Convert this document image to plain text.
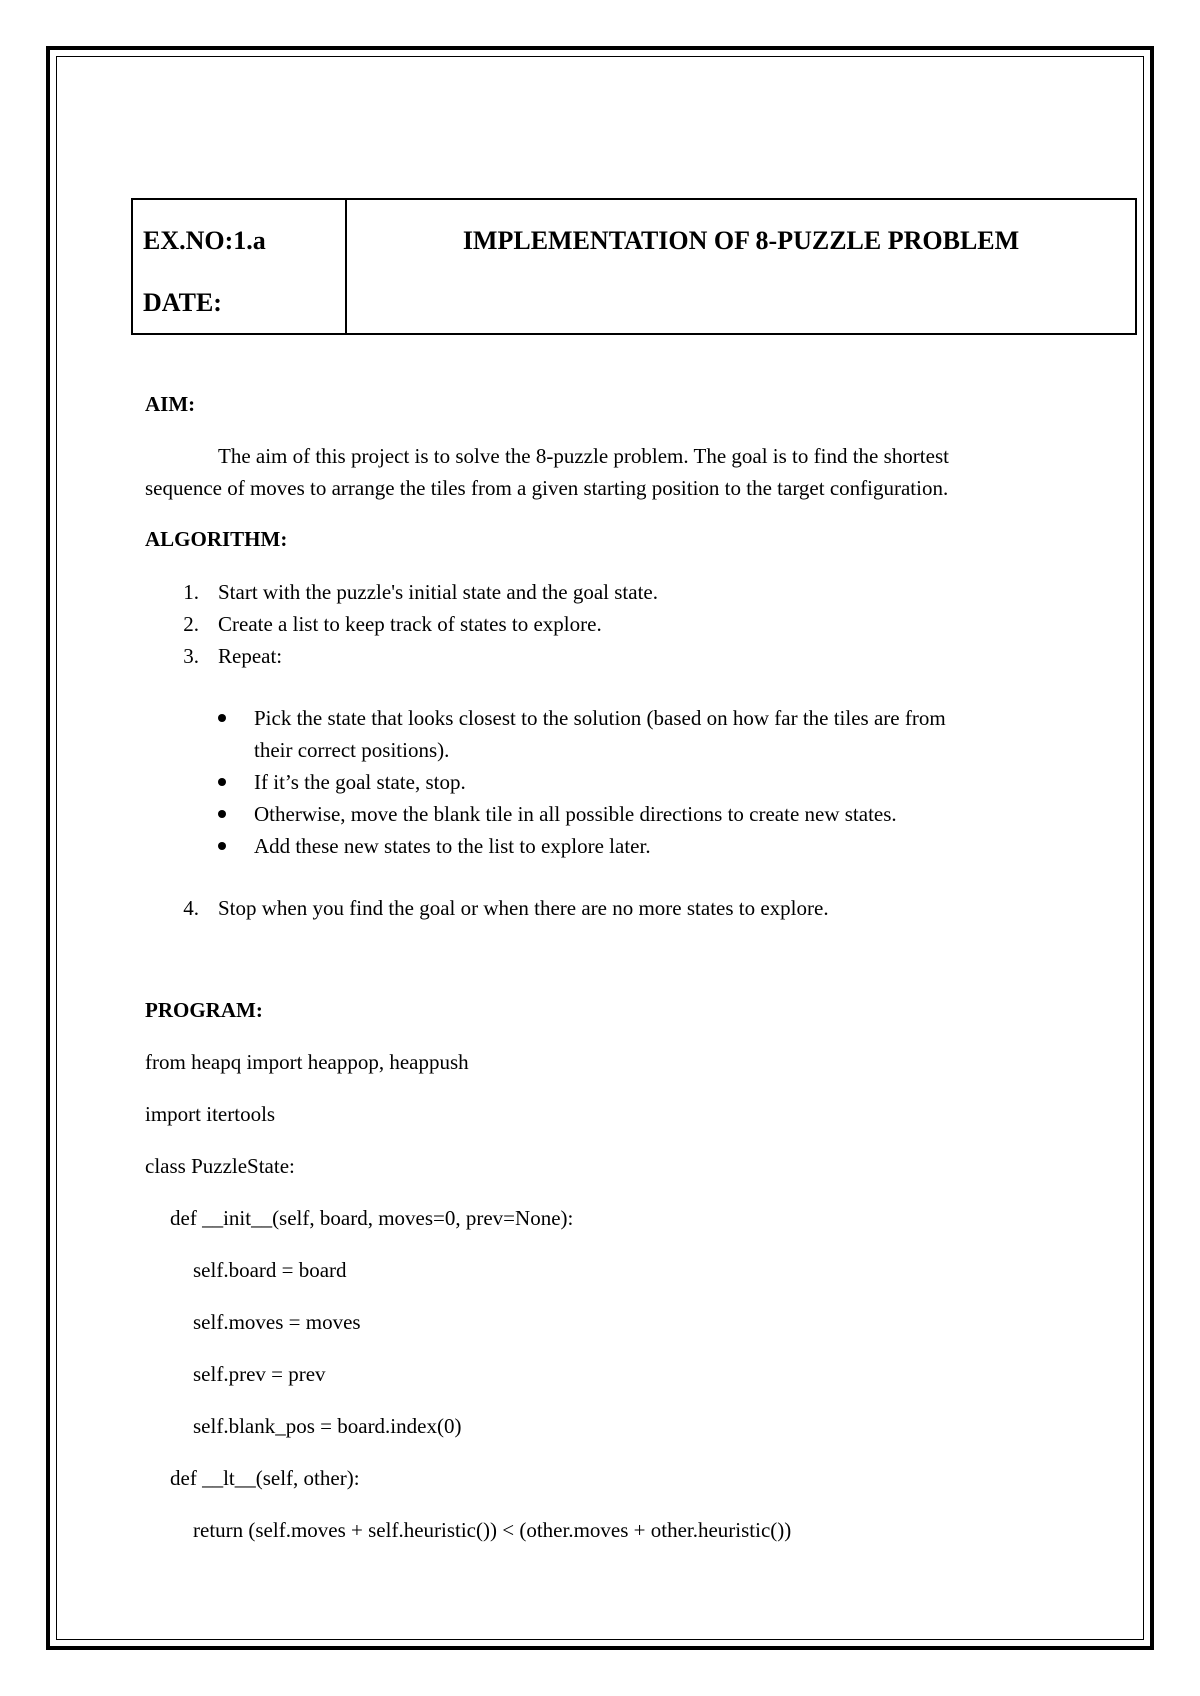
EX.NO:1.a
DATE:
IMPLEMENTATION OF 8-PUZZLE PROBLEM
AIM:
The aim of this project is to solve the 8-puzzle problem. The goal is to find the shortest
sequence of moves to arrange the tiles from a given starting position to the target configuration.
ALGORITHM:
1. Start with the puzzle's initial state and the goal state.
2. Create a list to keep track of states to explore.
3. Repeat:
Pick the state that looks closest to the solution (based on how far the tiles are from
their correct positions).
If it’s the goal state, stop.
Otherwise, move the blank tile in all possible directions to create new states.
Add these new states to the list to explore later.
4. Stop when you find the goal or when there are no more states to explore.
PROGRAM:
from heapq import heappop, heappush
import itertools
class PuzzleState:
def __init__(self, board, moves=0, prev=None):
self.board = board
self.moves = moves
self.prev = prev
self.blank_pos = board.index(0)
def __lt__(self, other):
return (self.moves + self.heuristic()) < (other.moves + other.heuristic())
